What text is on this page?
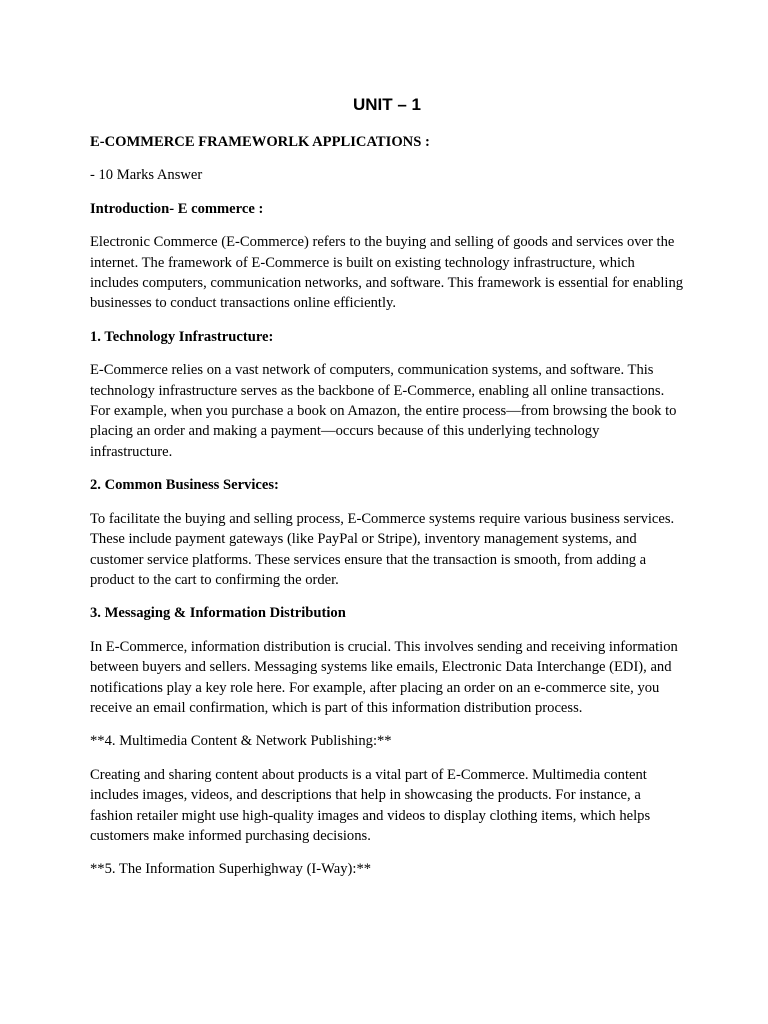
UNIT – 1

E-COMMERCE FRAMEWORLK APPLICATIONS :

- 10 Marks Answer

Introduction- E commerce :

Electronic Commerce (E-Commerce) refers to the buying and selling of goods and services over the internet. The framework of E-Commerce is built on existing technology infrastructure, which includes computers, communication networks, and software. This framework is essential for enabling businesses to conduct transactions online efficiently.

1. Technology Infrastructure:

E-Commerce relies on a vast network of computers, communication systems, and software. This technology infrastructure serves as the backbone of E-Commerce, enabling all online transactions. For example, when you purchase a book on Amazon, the entire process—from browsing the book to placing an order and making a payment—occurs because of this underlying technology infrastructure.

2. Common Business Services:

To facilitate the buying and selling process, E-Commerce systems require various business services. These include payment gateways (like PayPal or Stripe), inventory management systems, and customer service platforms. These services ensure that the transaction is smooth, from adding a product to the cart to confirming the order.

3. Messaging & Information Distribution

In E-Commerce, information distribution is crucial. This involves sending and receiving information between buyers and sellers. Messaging systems like emails, Electronic Data Interchange (EDI), and notifications play a key role here. For example, after placing an order on an e-commerce site, you receive an email confirmation, which is part of this information distribution process.

**4. Multimedia Content & Network Publishing:**

Creating and sharing content about products is a vital part of E-Commerce. Multimedia content includes images, videos, and descriptions that help in showcasing the products. For instance, a fashion retailer might use high-quality images and videos to display clothing items, which helps customers make informed purchasing decisions.

**5. The Information Superhighway (I-Way):**
